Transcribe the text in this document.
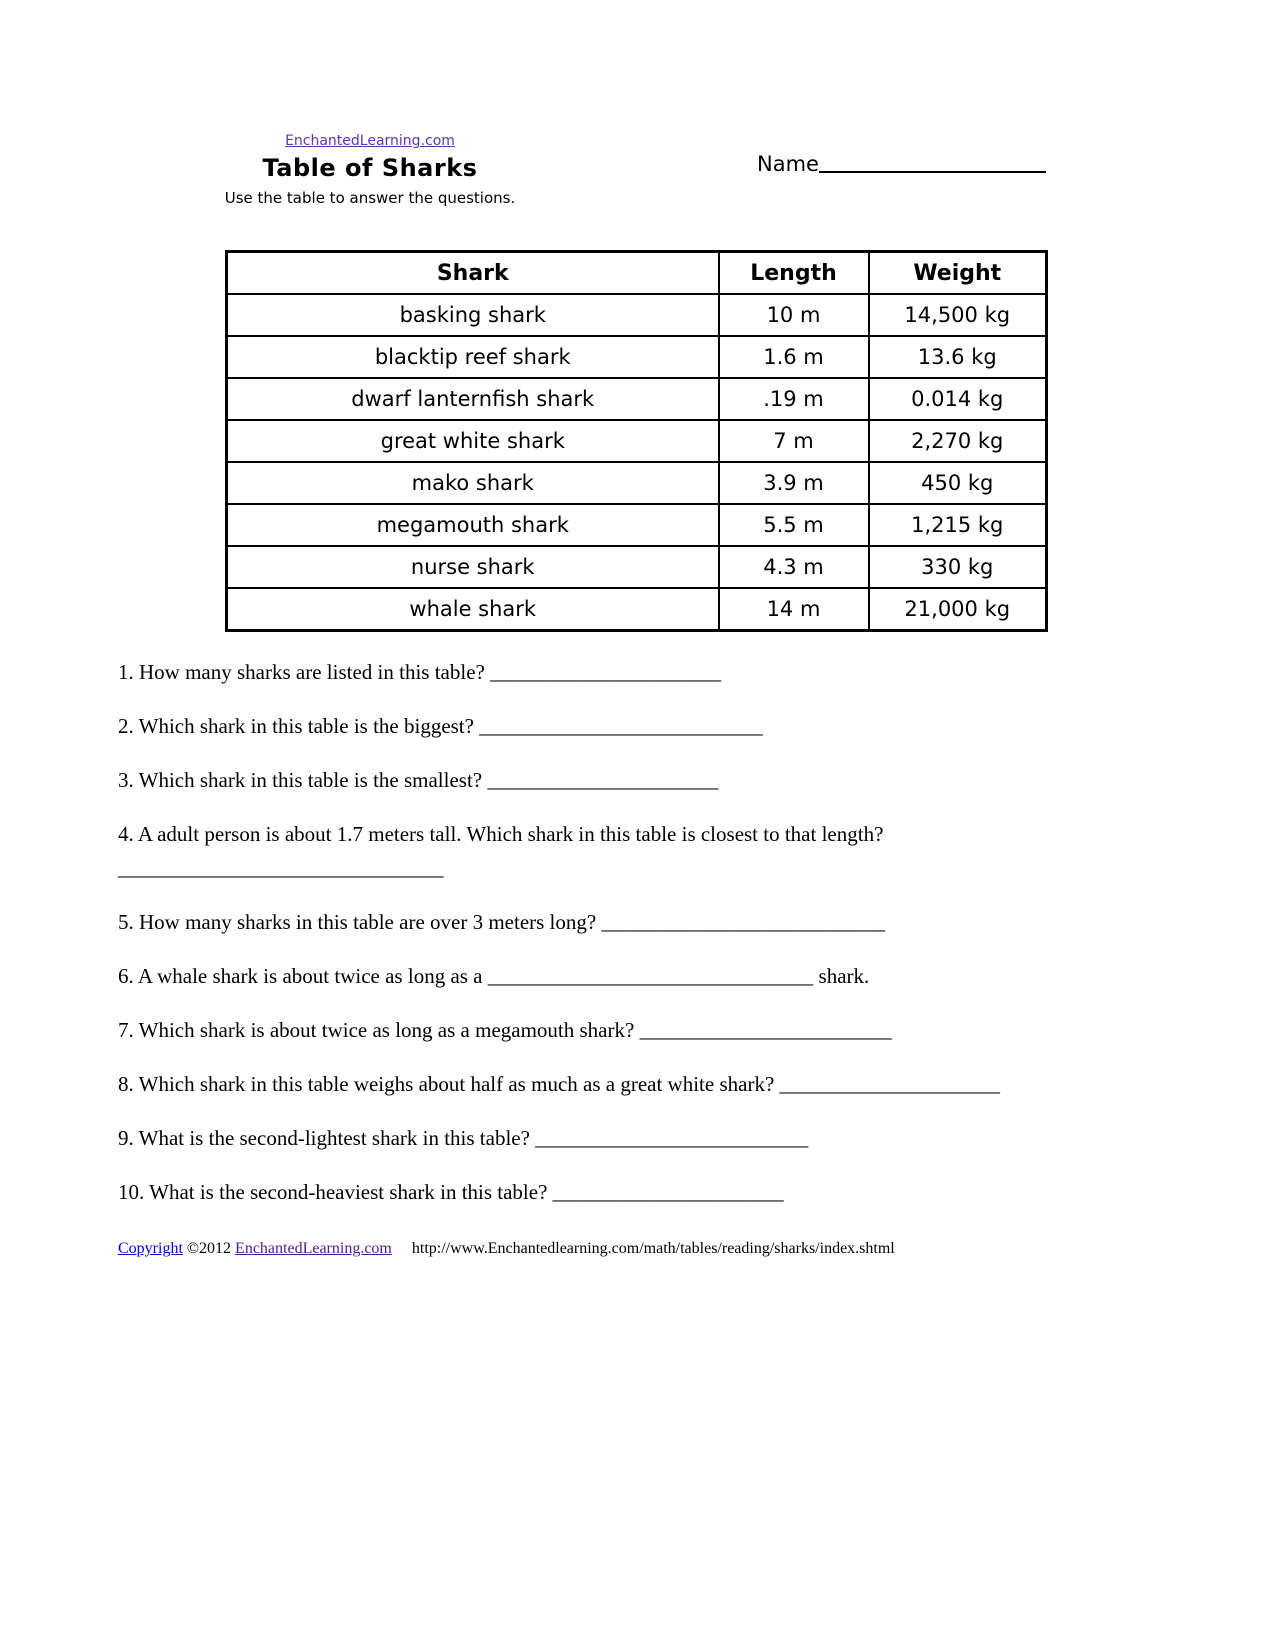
EnchantedLearning.com
Table of Sharks
Use the table to answer the questions.
Name
Shark	Length	Weight
basking shark	10 m	14,500 kg
blacktip reef shark	1.6 m	13.6 kg
dwarf lanternfish shark	.19 m	0.014 kg
great white shark	7 m	2,270 kg
mako shark	3.9 m	450 kg
megamouth shark	5.5 m	1,215 kg
nurse shark	4.3 m	330 kg
whale shark	14 m	21,000 kg

1. How many sharks are listed in this table? ______________________

2. Which shark in this table is the biggest? ___________________________

3. Which shark in this table is the smallest? ______________________

4. A adult person is about 1.7 meters tall. Which shark in this table is closest to that length?
_______________________________

5. How many sharks in this table are over 3 meters long? ___________________________

6. A whale shark is about twice as long as a _______________________________ shark.

7. Which shark is about twice as long as a megamouth shark? ________________________

8. Which shark in this table weighs about half as much as a great white shark? _____________________

9. What is the second-lightest shark in this table? __________________________

10. What is the second-heaviest shark in this table? ______________________

Copyright ©2012 EnchantedLearning.com http://www.Enchantedlearning.com/math/tables/reading/sharks/index.shtml
